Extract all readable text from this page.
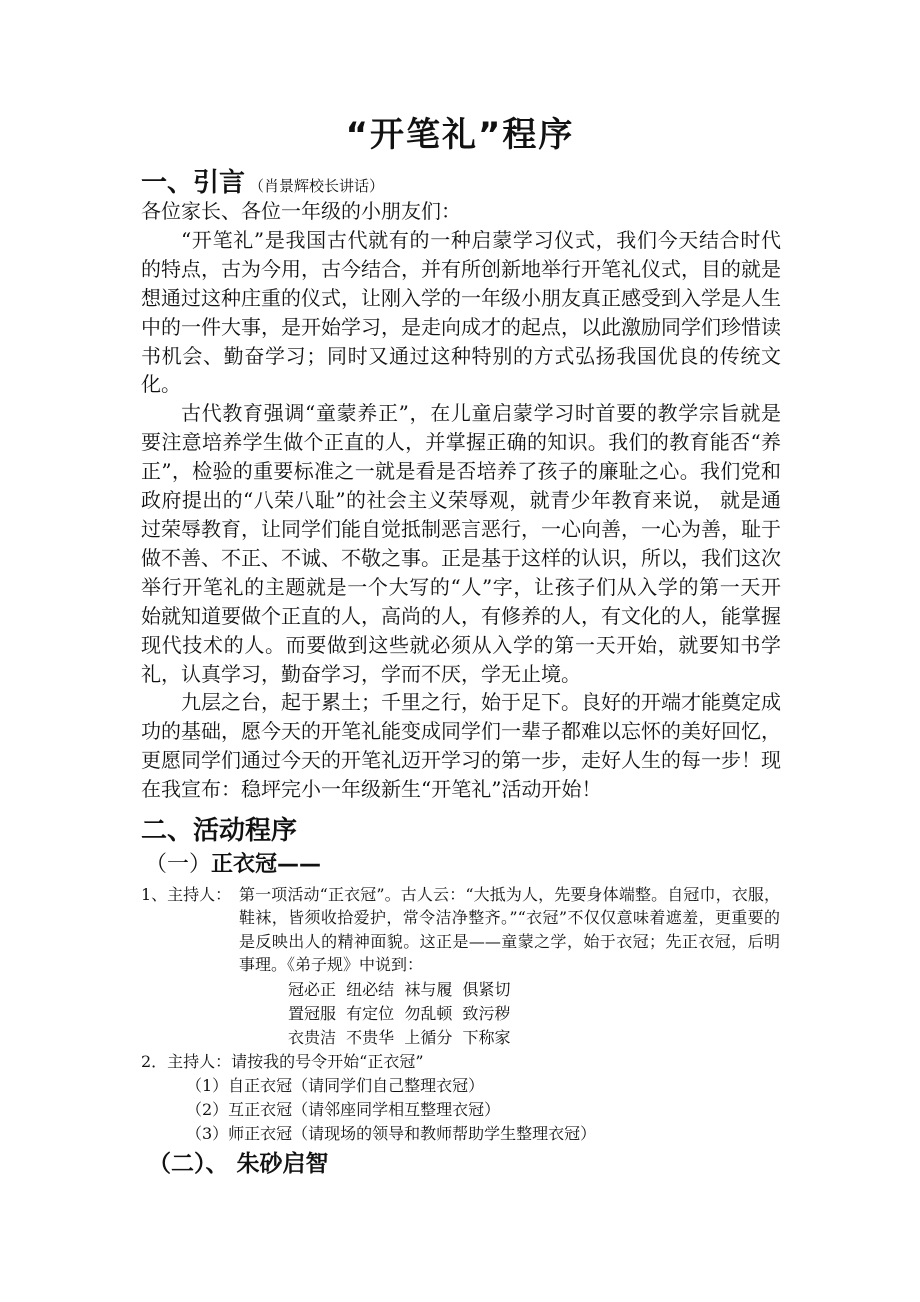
“开笔礼”程序
一、引言 （肖景辉校长讲话）

各位家长、各位一年级的小朋友们：

“开笔礼”是我国古代就有的一种启蒙学习仪式，我们今天结合时代的特点，古为今用，古今结合，并有所创新地举行开笔礼仪式，目的就是想通过这种庄重的仪式，让刚入学的一年级小朋友真正感受到入学是人生中的一件大事，是开始学习，是走向成才的起点，以此激励同学们珍惜读书机会、勤奋学习；同时又通过这种特别的方式弘扬我国优良的传统文化。

古代教育强调“童蒙养正”，在儿童启蒙学习时首要的教学宗旨就是要注意培养学生做个正直的人，并掌握正确的知识。我们的教育能否“养正”，检验的重要标准之一就是看是否培养了孩子的廉耻之心。我们党和政府提出的“八荣八耻”的社会主义荣辱观，就青少年教育来说， 就是通过荣辱教育，让同学们能自觉抵制恶言恶行，一心向善，一心为善，耻于做不善、不正、不诚、不敬之事。正是基于这样的认识，所以，我们这次举行开笔礼的主题就是一个大写的“人”字，让孩子们从入学的第一天开始就知道要做个正直的人，高尚的人，有修养的人，有文化的人，能掌握现代技术的人。而要做到这些就必须从入学的第一天开始，就要知书学礼，认真学习，勤奋学习，学而不厌，学无止境。

九层之台，起于累土；千里之行，始于足下。良好的开端才能奠定成功的基础，愿今天的开笔礼能变成同学们一辈子都难以忘怀的美好回忆，更愿同学们通过今天的开笔礼迈开学习的第一步，走好人生的每一步！现在我宣布：稳坪完小一年级新生“开笔礼”活动开始！

二、活动程序
（一）正衣冠——
1、主持人： 第一项活动“正衣冠”。古人云：“大抵为人，先要身体端整。自冠巾，衣服，鞋袜，皆须收拾爱护，常令洁净整齐。”“衣冠”不仅仅意味着遮羞，更重要的是反映出人的精神面貌。这正是——童蒙之学，始于衣冠；先正衣冠，后明事理。《弟子规》中说到：
冠必正  纽必结  袜与履  俱紧切
置冠服  有定位  勿乱顿  致污秽
衣贵洁  不贵华  上循分  下称家
2．主持人：请按我的号令开始“正衣冠”
（1）自正衣冠（请同学们自己整理衣冠）
（2）互正衣冠（请邻座同学相互整理衣冠）
（3）师正衣冠（请现场的领导和教师帮助学生整理衣冠）
（二）、 朱砂启智
